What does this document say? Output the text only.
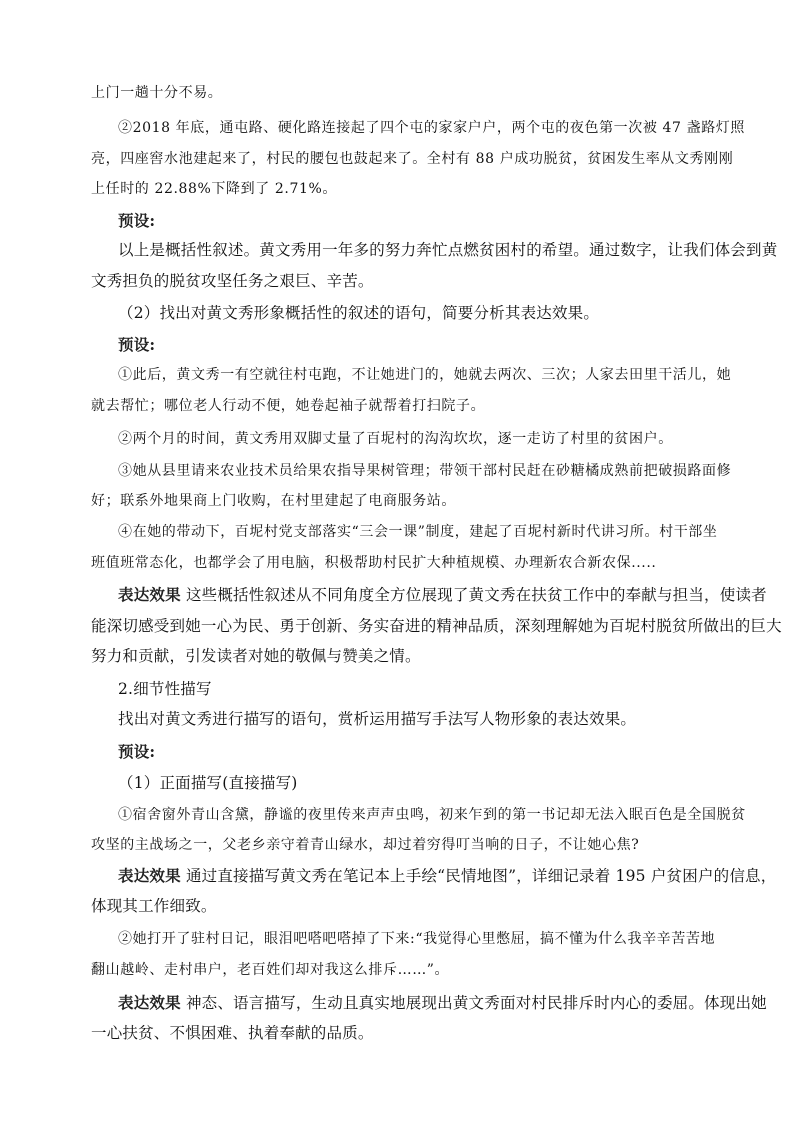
上门一趟十分不易。
②2018 年底，通屯路、硬化路连接起了四个屯的家家户户，两个屯的夜色第一次被 47 盏路灯照
亮，四座窖水池建起来了，村民的腰包也鼓起来了。全村有 88 户成功脱贫，贫困发生率从文秀刚刚
上任时的 22.88%下降到了 2.71%。
预设:
以上是概括性叙述。黄文秀用一年多的努力奔忙点燃贫困村的希望。通过数字，让我们体会到黄
文秀担负的脱贫攻坚任务之艰巨、辛苦。
（2）找出对黄文秀形象概括性的叙述的语句，简要分析其表达效果。
预设:
①此后，黄文秀一有空就往村屯跑，不让她进门的，她就去两次、三次；人家去田里干活儿，她
就去帮忙；哪位老人行动不便，她卷起袖子就帮着打扫院子。
②两个月的时间，黄文秀用双脚丈量了百坭村的沟沟坎坎，逐一走访了村里的贫困户。
③她从县里请来农业技术员给果农指导果树管理；带领干部村民赶在砂糖橘成熟前把破损路面修
好；联系外地果商上门收购，在村里建起了电商服务站。
④在她的带动下，百坭村党支部落实“三会一课”制度，建起了百坭村新时代讲习所。村干部坐
班值班常态化，也都学会了用电脑，积极帮助村民扩大种植规模、办理新农合新农保.....
表达效果 这些概括性叙述从不同角度全方位展现了黄文秀在扶贫工作中的奉献与担当，使读者
能深切感受到她一心为民、勇于创新、务实奋进的精神品质，深刻理解她为百坭村脱贫所做出的巨大
努力和贡献，引发读者对她的敬佩与赞美之情。
2.细节性描写
找出对黄文秀进行描写的语句，赏析运用描写手法写人物形象的表达效果。
预设:
（1）正面描写(直接描写)
①宿舍窗外青山含黛，静谧的夜里传来声声虫鸣，初来乍到的第一书记却无法入眠百色是全国脱贫
攻坚的主战场之一，父老乡亲守着青山绿水，却过着穷得叮当响的日子，不让她心焦?
表达效果 通过直接描写黄文秀在笔记本上手绘“民情地图”，详细记录着 195 户贫困户的信息，
体现其工作细致。
②她打开了驻村日记，眼泪吧嗒吧嗒掉了下来:“我觉得心里憋屈，搞不懂为什么我辛辛苦苦地
翻山越岭、走村串户，老百姓们却对我这么排斥……”。
表达效果 神态、语言描写，生动且真实地展现出黄文秀面对村民排斥时内心的委屈。体现出她
一心扶贫、不惧困难、执着奉献的品质。
